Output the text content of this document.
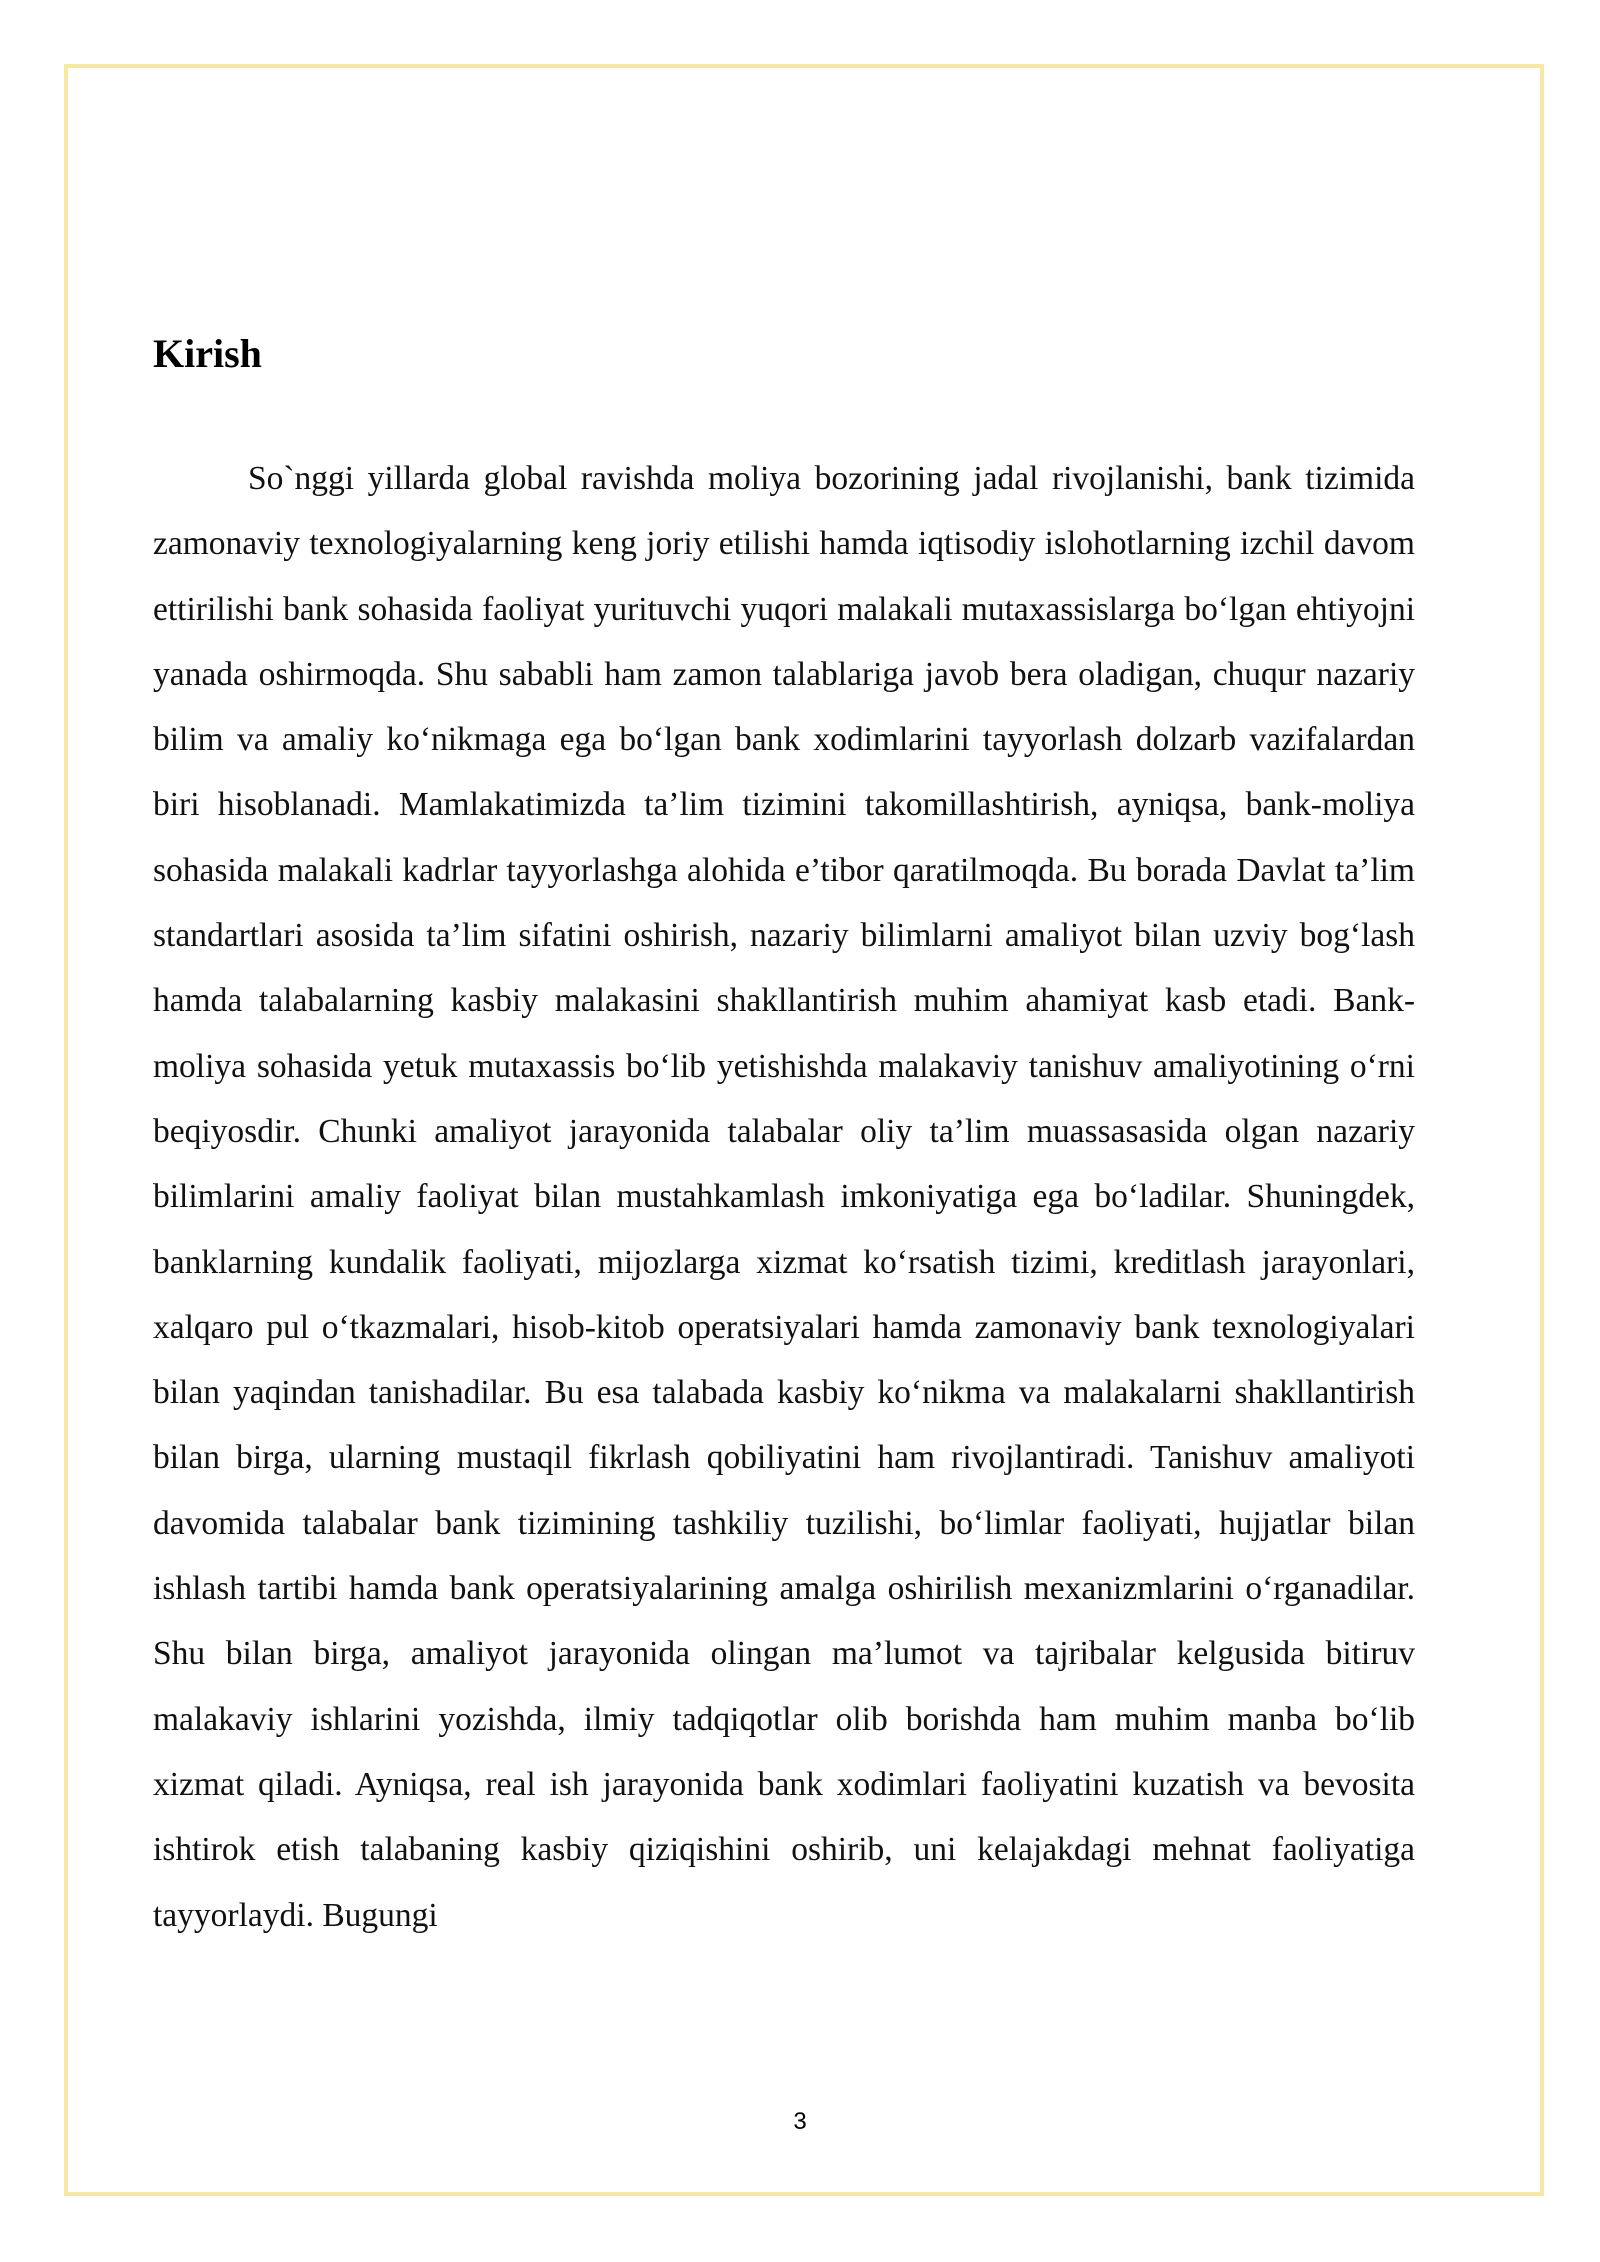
Kirish

So`nggi yillarda global ravishda moliya bozorining jadal rivojlanishi, bank tizimida zamonaviy texnologiyalarning keng joriy etilishi hamda iqtisodiy islohotlarning izchil davom ettirilishi bank sohasida faoliyat yurituvchi yuqori malakali mutaxassislarga bo‘lgan ehtiyojni yanada oshirmoqda. Shu sababli ham zamon talablariga javob bera oladigan, chuqur nazariy bilim va amaliy ko‘nikmaga ega bo‘lgan bank xodimlarini tayyorlash dolzarb vazifalardan biri hisoblanadi. Mamlakatimizda ta’lim tizimini takomillashtirish, ayniqsa, bank-moliya sohasida malakali kadrlar tayyorlashga alohida e’tibor qaratilmoqda. Bu borada Davlat ta’lim standartlari asosida ta’lim sifatini oshirish, nazariy bilimlarni amaliyot bilan uzviy bog‘lash hamda talabalarning kasbiy malakasini shakllantirish muhim ahamiyat kasb etadi. Bank-moliya sohasida yetuk mutaxassis bo‘lib yetishishda malakaviy tanishuv amaliyotining o‘rni beqiyosdir. Chunki amaliyot jarayonida talabalar oliy ta’lim muassasasida olgan nazariy bilimlarini amaliy faoliyat bilan mustahkamlash imkoniyatiga ega bo‘ladilar. Shuningdek, banklarning kundalik faoliyati, mijozlarga xizmat ko‘rsatish tizimi, kreditlash jarayonlari, xalqaro pul o‘tkazmalari, hisob-kitob operatsiyalari hamda zamonaviy bank texnologiyalari bilan yaqindan tanishadilar. Bu esa talabada kasbiy ko‘nikma va malakalarni shakllantirish bilan birga, ularning mustaqil fikrlash qobiliyatini ham rivojlantiradi. Tanishuv amaliyoti davomida talabalar bank tizimining tashkiliy tuzilishi, bo‘limlar faoliyati, hujjatlar bilan ishlash tartibi hamda bank operatsiyalarining amalga oshirilish mexanizmlarini o‘rganadilar. Shu bilan birga, amaliyot jarayonida olingan ma’lumot va tajribalar kelgusida bitiruv malakaviy ishlarini yozishda, ilmiy tadqiqotlar olib borishda ham muhim manba bo‘lib xizmat qiladi. Ayniqsa, real ish jarayonida bank xodimlari faoliyatini kuzatish va bevosita ishtirok etish talabaning kasbiy qiziqishini oshirib, uni kelajakdagi mehnat faoliyatiga tayyorlaydi. Bugungi

3
